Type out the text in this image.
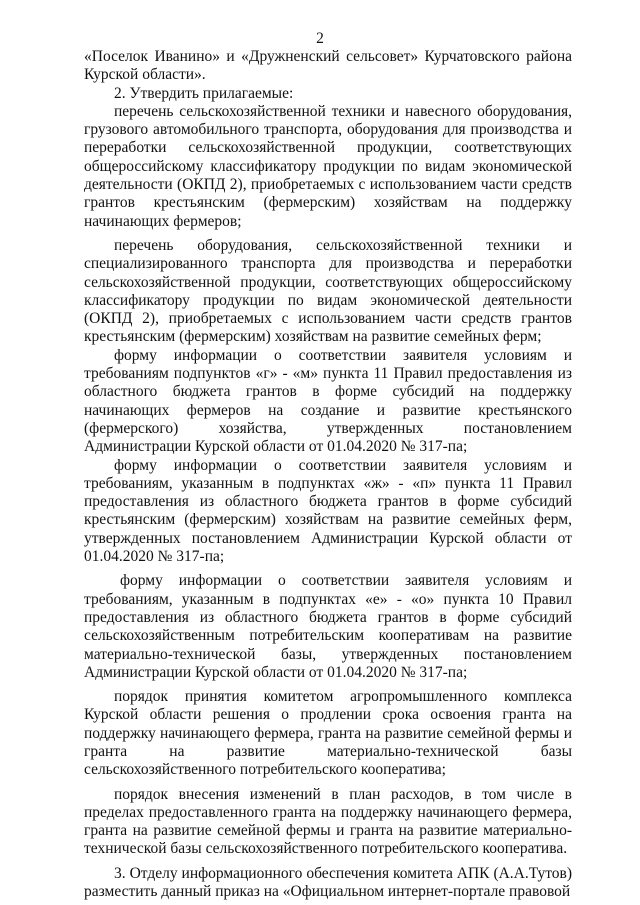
2

«Поселок Иванино» и «Дружненский сельсовет» Курчатовского района Курской области».

2. Утвердить прилагаемые:

перечень сельскохозяйственной техники и навесного оборудования, грузового автомобильного транспорта, оборудования для производства и переработки сельскохозяйственной продукции, соответствующих общероссийскому классификатору продукции по видам экономической деятельности (ОКПД 2), приобретаемых с использованием части средств грантов крестьянским (фермерским) хозяйствам на поддержку начинающих фермеров;

перечень оборудования, сельскохозяйственной техники и специализированного транспорта для производства и переработки сельскохозяйственной продукции, соответствующих общероссийскому классификатору продукции по видам экономической деятельности (ОКПД 2), приобретаемых с использованием части средств грантов крестьянским (фермерским) хозяйствам на развитие семейных ферм;

форму информации о соответствии заявителя условиям и требованиям подпунктов «г» - «м» пункта 11 Правил предоставления из областного бюджета грантов в форме субсидий на поддержку начинающих фермеров на создание и развитие крестьянского (фермерского) хозяйства, утвержденных постановлением Администрации Курской области от 01.04.2020 № 317-па;

форму информации о соответствии заявителя условиям и требованиям, указанным в подпунктах «ж» - «п» пункта 11 Правил предоставления из областного бюджета грантов в форме субсидий крестьянским (фермерским) хозяйствам на развитие семейных ферм, утвержденных постановлением Администрации Курской области от 01.04.2020 № 317-па;

форму информации о соответствии заявителя условиям и требованиям, указанным в подпунктах «е» - «о» пункта 10 Правил предоставления из областного бюджета грантов в форме субсидий сельскохозяйственным потребительским кооперативам на развитие материально-технической базы, утвержденных постановлением Администрации Курской области от 01.04.2020 № 317-па;

порядок принятия комитетом агропромышленного комплекса Курской области решения о продлении срока освоения гранта на поддержку начинающего фермера, гранта на развитие семейной фермы и гранта на развитие материально-технической базы сельскохозяйственного потребительского кооператива;

порядок внесения изменений в план расходов, в том числе в пределах предоставленного гранта на поддержку начинающего фермера, гранта на развитие семейной фермы и гранта на развитие материально-технической базы сельскохозяйственного потребительского кооператива.

3. Отделу информационного обеспечения комитета АПК (А.А.Тутов) разместить данный приказ на «Официальном интернет-портале правовой
